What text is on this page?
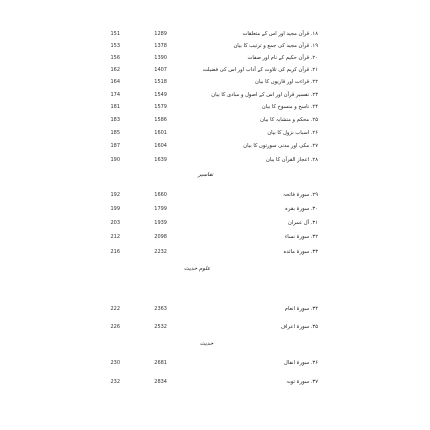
151	1289	۱۸. قرآن مجید اور اس کے متعلقات
153	1378	۱۹. قرآن مجید کی جمع و ترتیب کا بیان
156	1390	۲۰. قرآن حکیم کے نام اور صفات
162	1407	۲۱. قرآن کریم کی تلاوت کے آداب اور اس کی فضیلت
164	1518	۲۲. قراءت اور قاریوں کا بیان
174	1549	۲۳. تفسیر قرآن اور اس کے اصول و مبادی کا بیان
181	1579	۲۴. ناسخ و منسوخ کا بیان
183	1586	۲۵. محکم و متشابہ کا بیان
185	1601	۲۶. اسباب نزول کا بیان
187	1604	۲۷. مکی اور مدنی سورتوں کا بیان
190	1639	۲۸. اعجاز القرآن کا بیان
تفاسیر
192	1660	۲۹. سورۃ فاتحہ
199	1799	۳۰. سورۃ بقرہ
203	1939	۳۱. آل عمران
212	2098	۳۲. سورۃ نساء
216	2232	۳۳. سورۃ مائدہ
علوم حدیث
222	2363	۳۴. سورۃ انعام
226	2532	۳۵. سورۃ اعراف
حدیث
230	2681	۳۶. سورۃ انفال
232	2834	۳۷. سورۃ توبہ
